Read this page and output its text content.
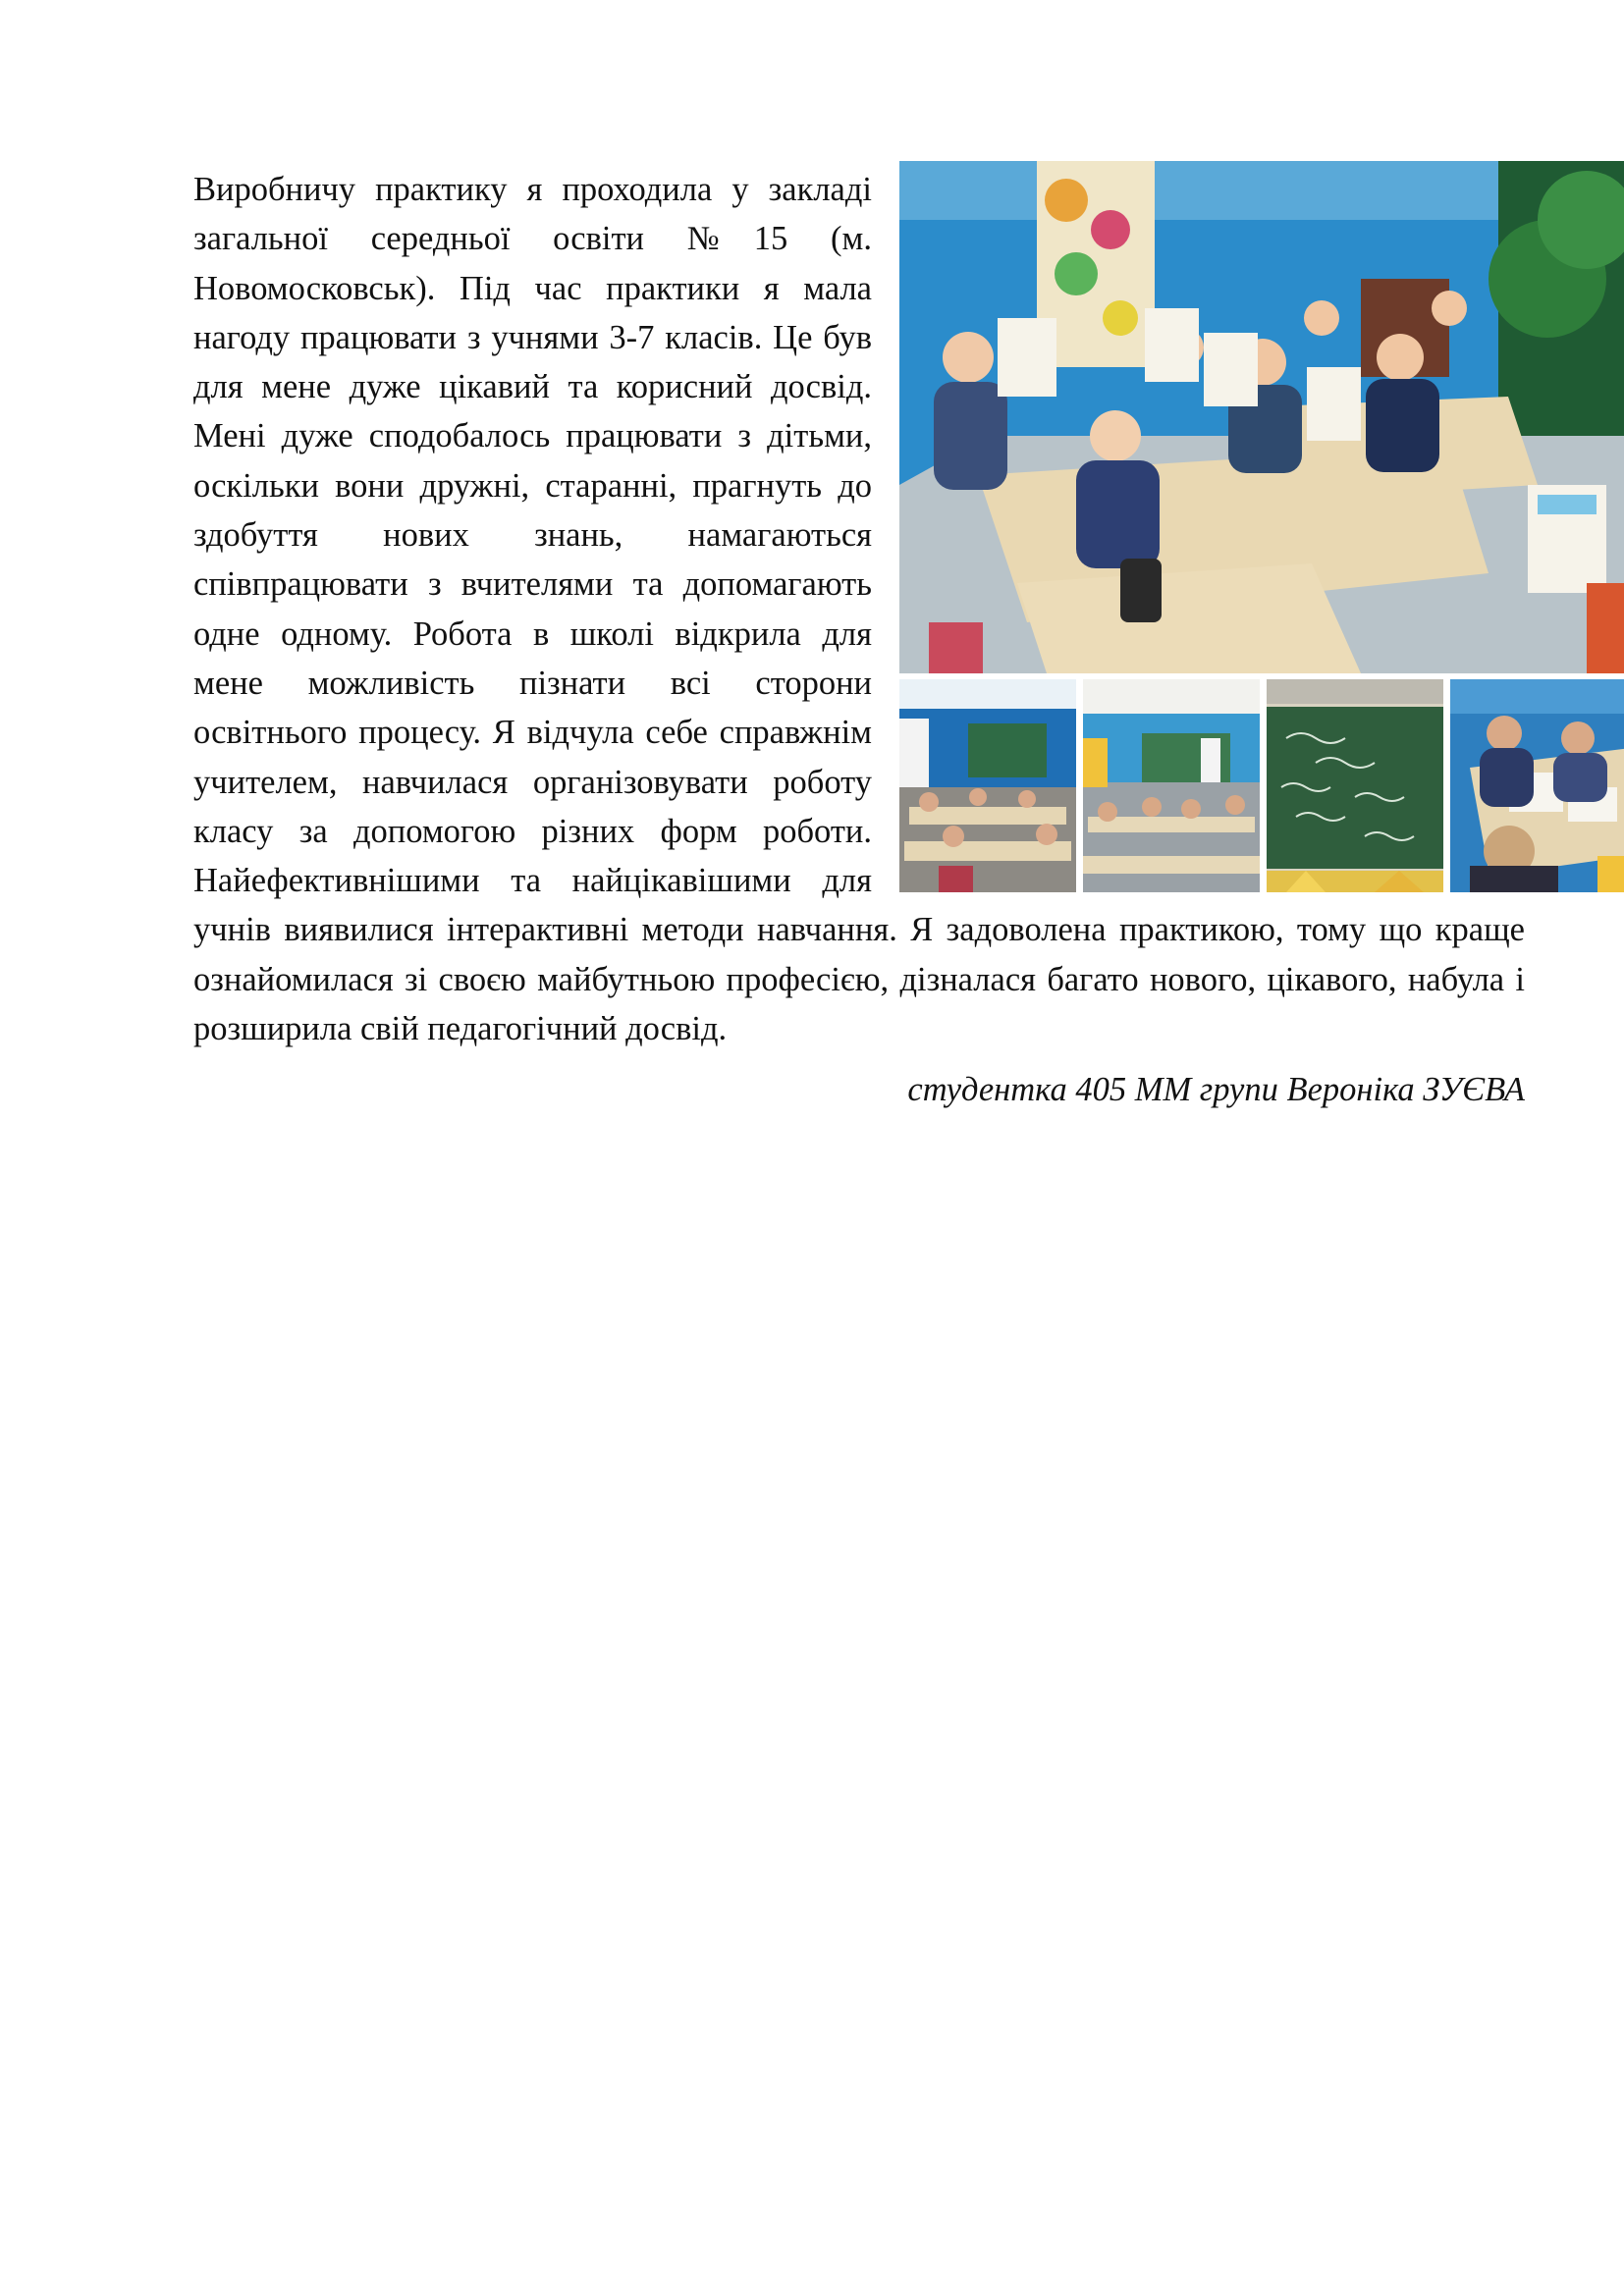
Виробничу практику я проходила у закладі загальної середньої освіти №15 (м. Новомосковськ). Під час практики я мала нагоду працювати з учнями 3-7 класів. Це був для мене дуже цікавий та корисний досвід. Мені дуже сподобалось працювати з дітьми, оскільки вони дружні, старанні, прагнуть до здобуття нових знань, намагаються співпрацювати з вчителями та допомагають одне одному. Робота в школі відкрила для мене можливість пізнати всі сторони освітнього процесу. Я відчула себе справжнім учителем, навчилася організовувати роботу класу за допомогою різних форм роботи. Найефективнішими та найцікавішими для учнів виявилися інтерактивні методи навчання. Я задоволена практикою, тому що краще ознайомилася зі своєю майбутньою професією, дізналася багато нового, цікавого, набула і розширила свій педагогічний досвід.

студентка 405 ММ групи Вероніка ЗУЄВА
